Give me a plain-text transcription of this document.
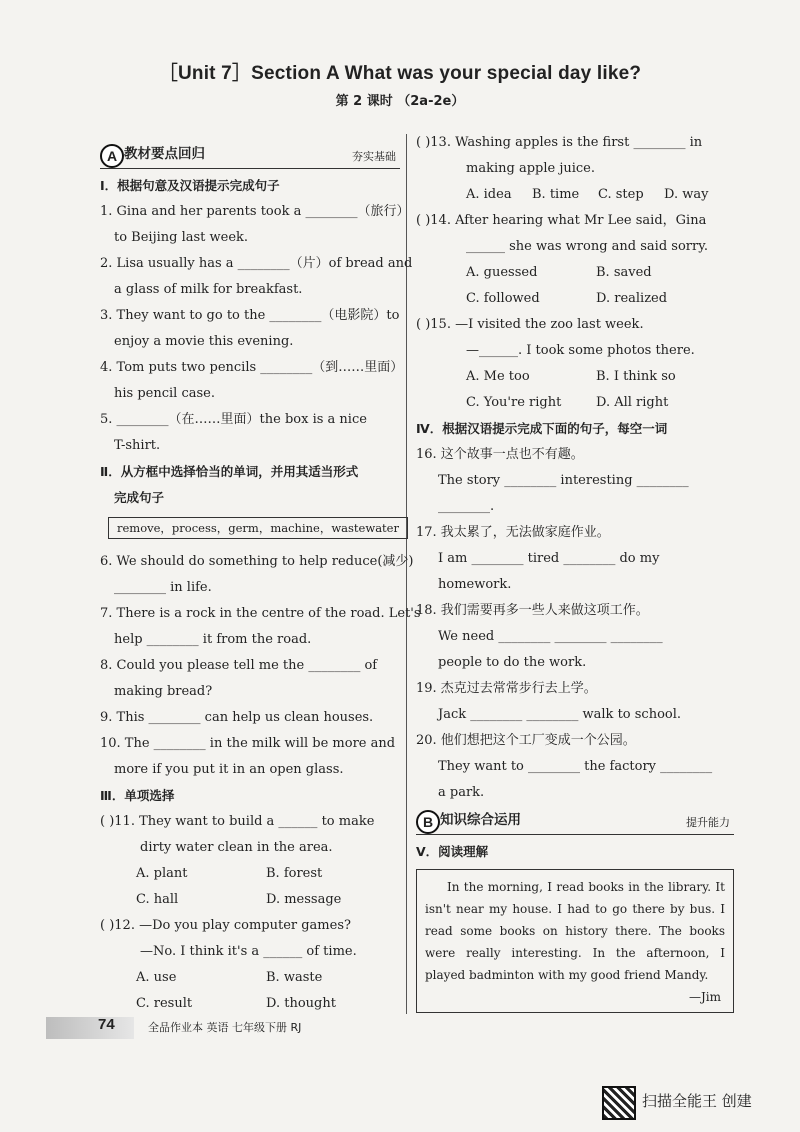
［Unit 7］Section A What was your special day like?
第 2 课时 （2a-2e）
A 教材要点回归	夯实基础
Ⅰ．根据句意及汉语提示完成句子
1. Gina and her parents took a ________（旅行）
to Beijing last week.
2. Lisa usually has a ________（片）of bread and
a glass of milk for breakfast.
3. They want to go to the ________（电影院）to
enjoy a movie this evening.
4. Tom puts two pencils ________（到……里面）
his pencil case.
5. ________（在……里面）the box is a nice
T-shirt.
Ⅱ．从方框中选择恰当的单词，并用其适当形式
完成句子
remove，process，germ，machine，wastewater
6. We should do something to help reduce(减少)
________ in life.
7. There is a rock in the centre of the road. Let's
help ________ it from the road.
8. Could you please tell me the ________ of
making bread?
9. This ________ can help us clean houses.
10. The ________ in the milk will be more and
more if you put it in an open glass.
Ⅲ．单项选择
( )11. They want to build a ______ to make
dirty water clean in the area.
A. plant	B. forest
C. hall	D. message
( )12. —Do you play computer games?
—No. I think it's a ______ of time.
A. use	B. waste
C. result	D. thought
( )13. Washing apples is the first ________ in
making apple juice.
A. idea	B. time	C. step	D. way
( )14. After hearing what Mr Lee said，Gina
______ she was wrong and said sorry.
A. guessed	B. saved
C. followed	D. realized
( )15. —I visited the zoo last week.
—______. I took some photos there.
A. Me too	B. I think so
C. You're right	D. All right
Ⅳ．根据汉语提示完成下面的句子，每空一词
16. 这个故事一点也不有趣。
The story ________ interesting ________
________.
17. 我太累了，无法做家庭作业。
I am ________ tired ________ do my
homework.
18. 我们需要再多一些人来做这项工作。
We need ________ ________ ________
people to do the work.
19. 杰克过去常常步行去上学。
Jack ________ ________ walk to school.
20. 他们想把这个工厂变成一个公园。
They want to ________ the factory ________
a park.
B 知识综合运用	提升能力
Ⅴ．阅读理解
In the morning, I read books in the library. It isn't near my house. I had to go there by bus. I read some books on history there. The books were really interesting. In the afternoon, I played badminton with my good friend Mandy.
—Jim
74	全品作业本 英语 七年级下册 RJ
扫描全能王 创建
